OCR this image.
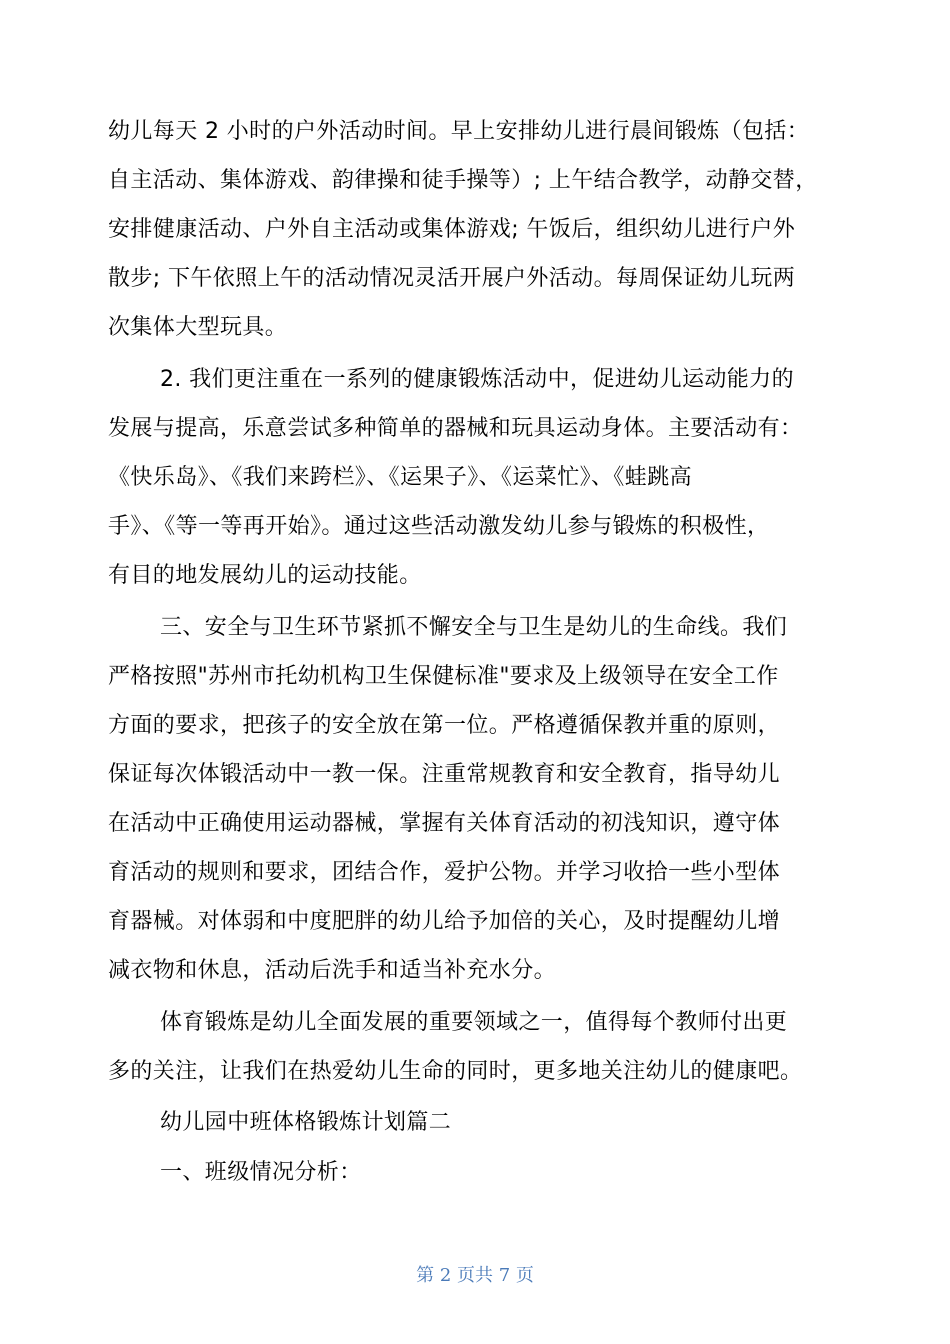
幼儿每天 2 小时的户外活动时间。早上安排幼儿进行晨间锻炼（包括：
自主活动、集体游戏、韵律操和徒手操等）; 上午结合教学，动静交替，
安排健康活动、户外自主活动或集体游戏; 午饭后，组织幼儿进行户外
散步; 下午依照上午的活动情况灵活开展户外活动。每周保证幼儿玩两
次集体大型玩具。
2. 我们更注重在一系列的健康锻炼活动中，促进幼儿运动能力的
发展与提高，乐意尝试多种简单的器械和玩具运动身体。主要活动有：
《快乐岛》、《我们来跨栏》、《运果子》、《运菜忙》、《蛙跳高
手》、《等一等再开始》。通过这些活动激发幼儿参与锻炼的积极性，
有目的地发展幼儿的运动技能。
三、安全与卫生环节紧抓不懈安全与卫生是幼儿的生命线。我们
严格按照"苏州市托幼机构卫生保健标准"要求及上级领导在安全工作
方面的要求，把孩子的安全放在第一位。严格遵循保教并重的原则，
保证每次体锻活动中一教一保。注重常规教育和安全教育，指导幼儿
在活动中正确使用运动器械，掌握有关体育活动的初浅知识，遵守体
育活动的规则和要求，团结合作，爱护公物。并学习收拾一些小型体
育器械。对体弱和中度肥胖的幼儿给予加倍的关心，及时提醒幼儿增
减衣物和休息，活动后洗手和适当补充水分。
体育锻炼是幼儿全面发展的重要领域之一，值得每个教师付出更
多的关注，让我们在热爱幼儿生命的同时，更多地关注幼儿的健康吧。
幼儿园中班体格锻炼计划篇二
一、班级情况分析：
第 2 页共 7 页
